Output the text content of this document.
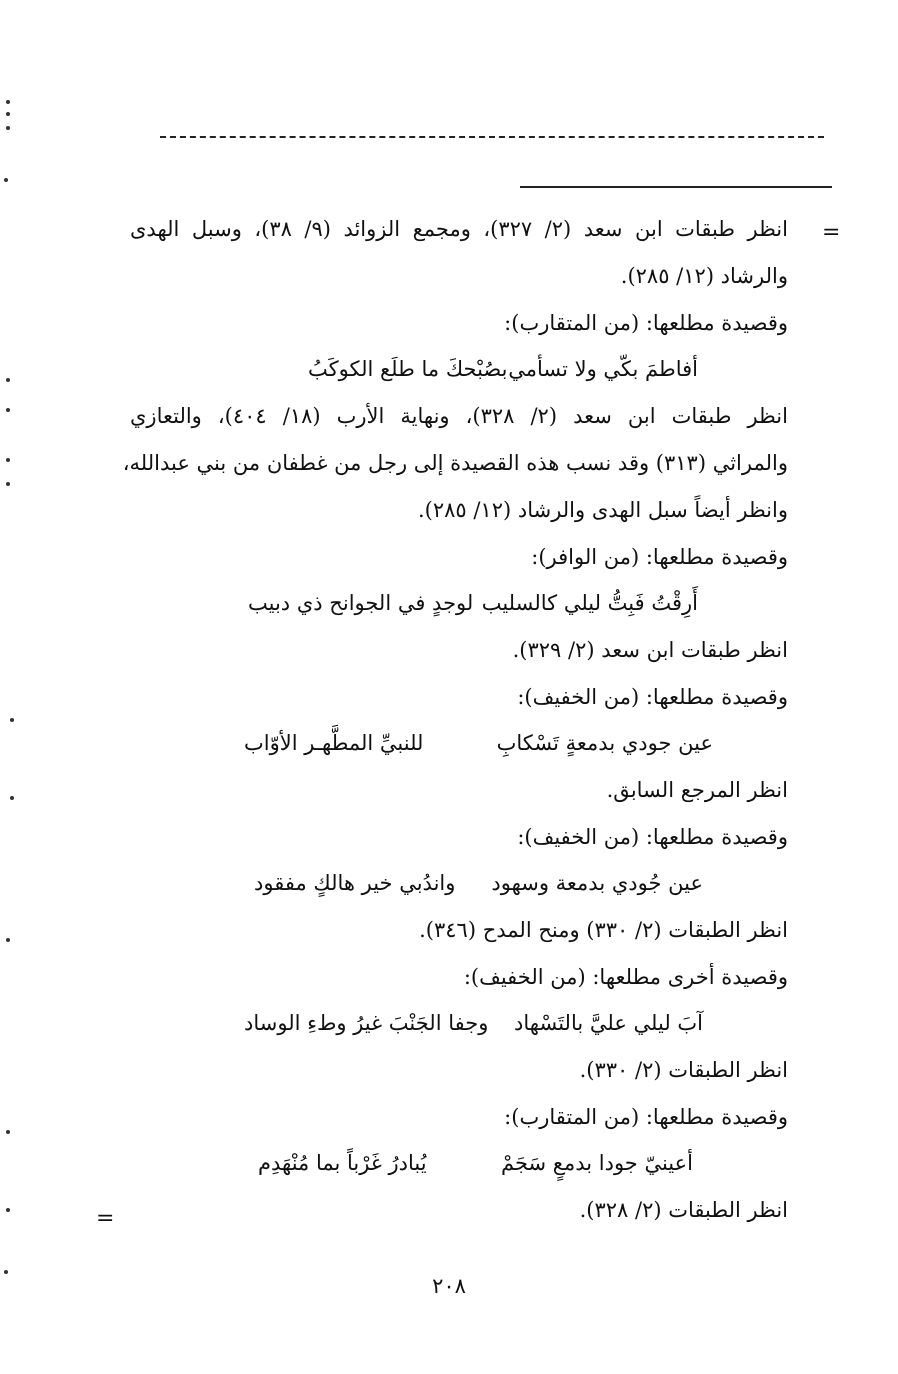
=
=
انظر طبقات ابن سعد (٢/ ٣٢٧)، ومجمع الزوائد (٩/ ٣٨)، وسبل الهدى
والرشاد (١٢/ ٢٨٥).
وقصيدة مطلعها: (من المتقارب):
أفاطمَ بكّي ولا تسأمي
بصُبْحكَ ما طلَع الكوكَبُ
انظر طبقات ابن سعد (٢/ ٣٢٨)، ونهاية الأرب (١٨/ ٤٠٤)، والتعازي
والمراثي (٣١٣) وقد نسب هذه القصيدة إلى رجل من غطفان من بني عبدالله،
وانظر أيضاً سبل الهدى والرشاد (١٢/ ٢٨٥).
وقصيدة مطلعها: (من الوافر):
أَرِقْتُ فَبِتُّ ليلي كالسليب
لوجدٍ في الجوانح ذي دبيب
انظر طبقات ابن سعد (٢/ ٣٢٩).
وقصيدة مطلعها: (من الخفيف):
عين جودي بدمعةٍ تَسْكابِ
للنبيِّ المطَّهـر الأوّاب
انظر المرجع السابق.
وقصيدة مطلعها: (من الخفيف):
عين جُودي بدمعة وسهود
واندُبي خير هالكٍ مفقود
انظر الطبقات (٢/ ٣٣٠) ومنح المدح (٣٤٦).
وقصيدة أخرى مطلعها: (من الخفيف):
آبَ ليلي عليَّ بالتَسْهاد
وجفا الجَنْبَ غيرُ وطءِ الوساد
انظر الطبقات (٢/ ٣٣٠).
وقصيدة مطلعها: (من المتقارب):
أعينيّ جودا بدمعٍ سَجَمْ
يُبادرُ غَرْباً بما مُنْهَدِم
انظر الطبقات (٢/ ٣٢٨).
٢٠٨
